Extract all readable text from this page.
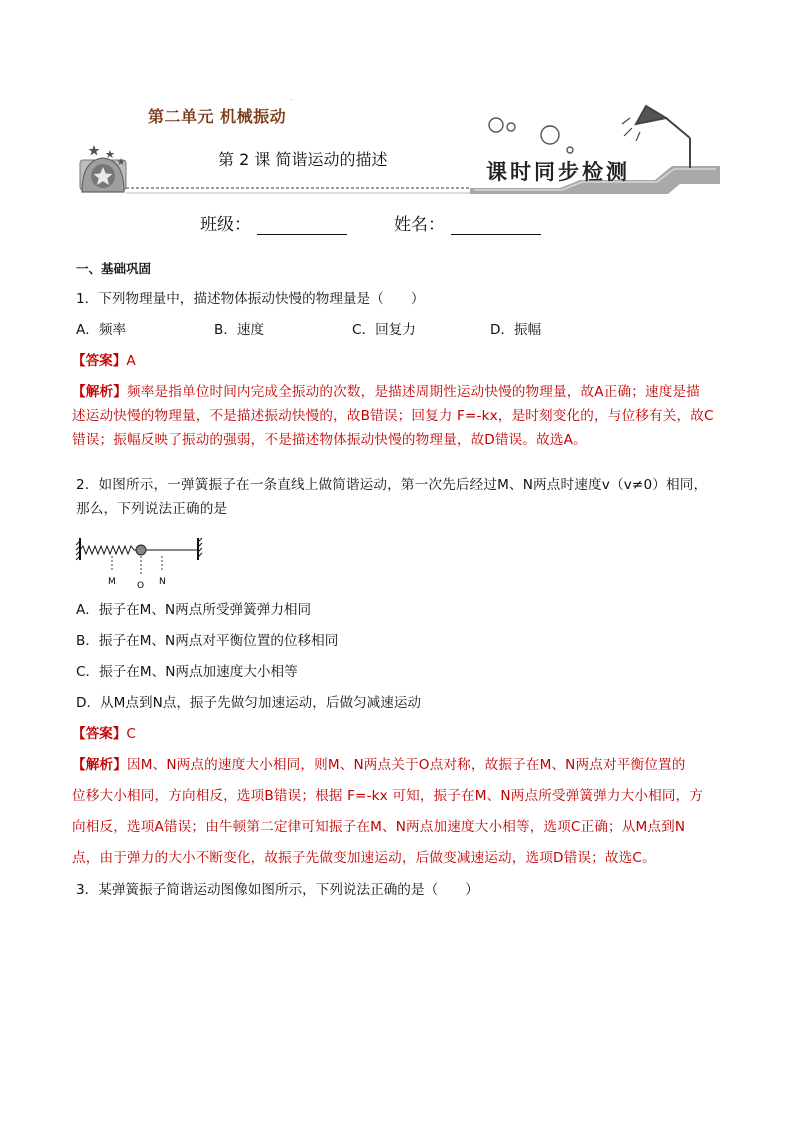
.
第二单元 机械振动
第 2 课 简谐运动的描述	课时同步检测
班级：	姓名：
一、基础巩固
1．下列物理量中，描述物体振动快慢的物理量是（　　）
A．频率	B．速度	C．回复力	D．振幅
【答案】A
【解析】频率是指单位时间内完成全振动的次数，是描述周期性运动快慢的物理量，故A正确；速度是描
述运动快慢的物理量，不是描述振动快慢的，故B错误；回复力 F=-kx，是时刻变化的，与位移有关，故C
错误；振幅反映了振动的强弱，不是描述物体振动快慢的物理量，故D错误。故选A。
2．如图所示，一弹簧振子在一条直线上做简谐运动，第一次先后经过M、N两点时速度v（v≠0）相同，
那么，下列说法正确的是
M O N
A．振子在M、N两点所受弹簧弹力相同
B．振子在M、N两点对平衡位置的位移相同
C．振子在M、N两点加速度大小相等
D．从M点到N点，振子先做匀加速运动，后做匀减速运动
【答案】C
【解析】因M、N两点的速度大小相同，则M、N两点关于O点对称，故振子在M、N两点对平衡位置的
位移大小相同，方向相反，选项B错误；根据 F=-kx 可知，振子在M、N两点所受弹簧弹力大小相同，方
向相反，选项A错误；由牛顿第二定律可知振子在M、N两点加速度大小相等，选项C正确；从M点到N
点，由于弹力的大小不断变化，故振子先做变加速运动，后做变减速运动，选项D错误；故选C。
3．某弹簧振子简谐运动图像如图所示，下列说法正确的是（　　）
